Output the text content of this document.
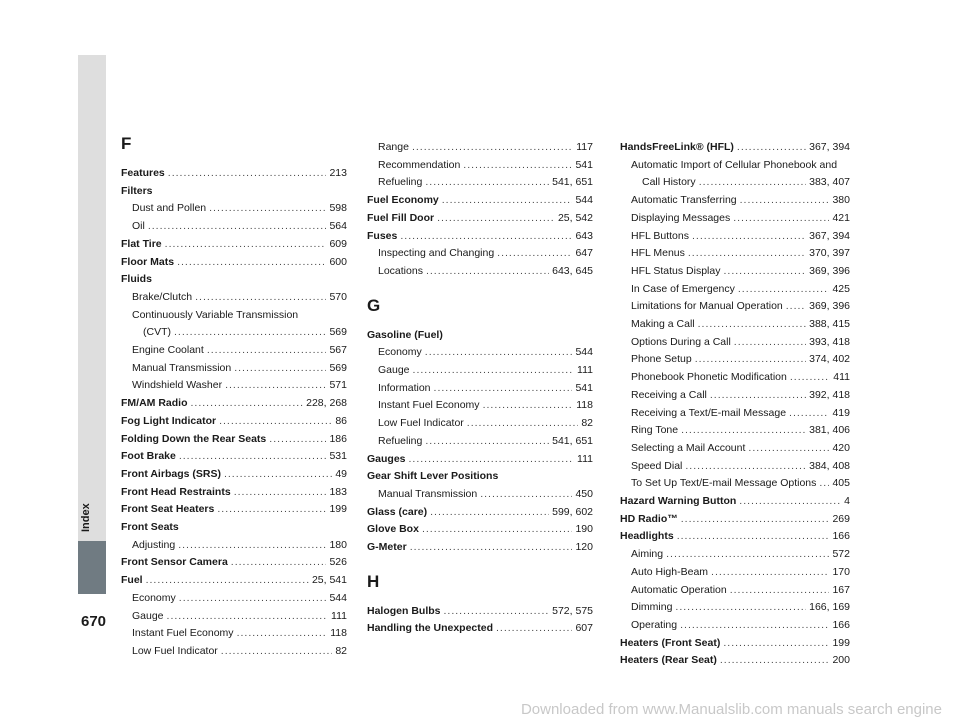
Index
670
F
Features .....	213
Filters
Dust and Pollen .....	598
Oil .....	564
Flat Tire .....	609
Floor Mats .....	600
Fluids
Brake/Clutch .....	570
Continuously Variable Transmission
(CVT) .....	569
Engine Coolant .....	567
Manual Transmission .....	569
Windshield Washer .....	571
FM/AM Radio .....	228, 268
Fog Light Indicator .....	86
Folding Down the Rear Seats .....	186
Foot Brake .....	531
Front Airbags (SRS) .....	49
Front Head Restraints .....	183
Front Seat Heaters .....	199
Front Seats
Adjusting .....	180
Front Sensor Camera .....	526
Fuel .....	25, 541
Economy .....	544
Gauge .....	111
Instant Fuel Economy .....	118
Low Fuel Indicator .....	82
Range .....	117
Recommendation .....	541
Refueling .....	541, 651
Fuel Economy .....	544
Fuel Fill Door .....	25, 542
Fuses .....	643
Inspecting and Changing .....	647
Locations .....	643, 645
G
Gasoline (Fuel)
Economy .....	544
Gauge .....	111
Information .....	541
Instant Fuel Economy .....	118
Low Fuel Indicator .....	82
Refueling .....	541, 651
Gauges .....	111
Gear Shift Lever Positions
Manual Transmission .....	450
Glass (care) .....	599, 602
Glove Box .....	190
G-Meter .....	120
H
Halogen Bulbs .....	572, 575
Handling the Unexpected .....	607
HandsFreeLink® (HFL) .....	367, 394
Automatic Import of Cellular Phonebook and
Call History .....	383, 407
Automatic Transferring .....	380
Displaying Messages .....	421
HFL Buttons .....	367, 394
HFL Menus .....	370, 397
HFL Status Display .....	369, 396
In Case of Emergency .....	425
Limitations for Manual Operation .....	369, 396
Making a Call .....	388, 415
Options During a Call .....	393, 418
Phone Setup .....	374, 402
Phonebook Phonetic Modification .....	411
Receiving a Call .....	392, 418
Receiving a Text/E-mail Message .....	419
Ring Tone .....	381, 406
Selecting a Mail Account .....	420
Speed Dial .....	384, 408
To Set Up Text/E-mail Message Options ..... 405
Hazard Warning Button .....	4
HD Radio™ .....	269
Headlights .....	166
Aiming .....	572
Auto High-Beam .....	170
Automatic Operation .....	167
Dimming .....	166, 169
Operating .....	166
Heaters (Front Seat) .....	199
Heaters (Rear Seat) .....	200
Downloaded from www.Manualslib.com manuals search engine
